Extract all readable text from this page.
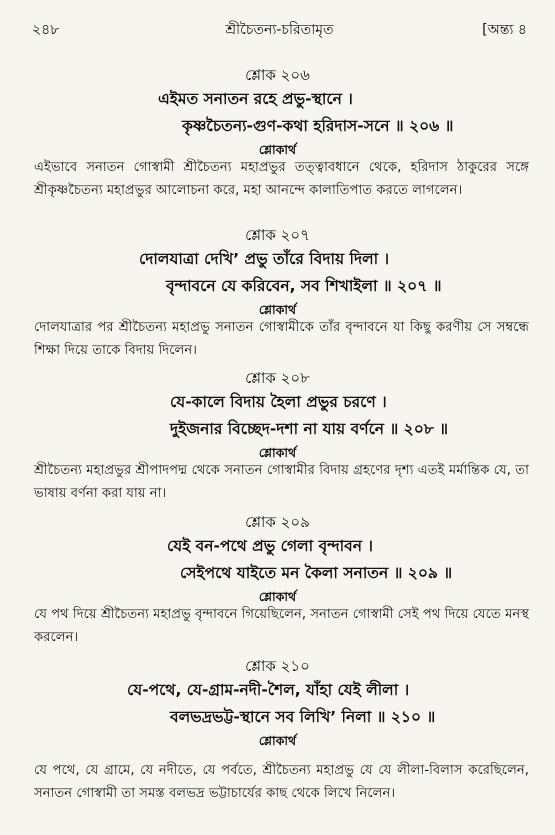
২৪৮	শ্রীচৈতন্য-চরিতামৃত	[অন্ত্য ৪
শ্লোক ২০৬
এইমত সনাতন রহে প্রভু-স্থানে ।
কৃষ্ণচৈতন্য-গুণ-কথা হরিদাস-সনে ॥ ২০৬ ॥
শ্লোকার্থ
এইভাবে সনাতন গোস্বামী শ্রীচৈতন্য মহাপ্রভুর তত্ত্বাবধানে থেকে, হরিদাস ঠাকুরের সঙ্গে শ্রীকৃষ্ণচৈতন্য মহাপ্রভুর আলোচনা করে, মহা আনন্দে কালাতিপাত করতে লাগলেন।
শ্লোক ২০৭
দোলযাত্রা দেখি’ প্রভু তাঁরে বিদায় দিলা ।
বৃন্দাবনে যে করিবেন, সব শিখাইলা ॥ ২০৭ ॥
শ্লোকার্থ
দোলযাত্রার পর শ্রীচৈতন্য মহাপ্রভু সনাতন গোস্বামীকে তাঁর বৃন্দাবনে যা কিছু করণীয় সে সম্বন্ধে শিক্ষা দিয়ে তাকে বিদায় দিলেন।
শ্লোক ২০৮
যে-কালে বিদায় হৈলা প্রভুর চরণে ।
দুইজনার বিচ্ছেদ-দশা না যায় বর্ণনে ॥ ২০৮ ॥
শ্লোকার্থ
শ্রীচৈতন্য মহাপ্রভুর শ্রীপাদপদ্ম থেকে সনাতন গোস্বামীর বিদায় গ্রহণের দৃশ্য এতই মর্মান্তিক যে, তা ভাষায় বর্ণনা করা যায় না।
শ্লোক ২০৯
যেই বন-পথে প্রভু গেলা বৃন্দাবন ।
সেইপথে যাইতে মন কৈলা সনাতন ॥ ২০৯ ॥
শ্লোকার্থ
যে পথ দিয়ে শ্রীচৈতন্য মহাপ্রভু বৃন্দাবনে গিয়েছিলেন, সনাতন গোস্বামী সেই পথ দিয়ে যেতে মনস্থ করলেন।
শ্লোক ২১০
যে-পথে, যে-গ্রাম-নদী-শৈল, যাঁহা যেই লীলা ।
বলভদ্রভট্ট-স্থানে সব লিখি’ নিলা ॥ ২১০ ॥
শ্লোকার্থ
যে পথে, যে গ্রামে, যে নদীতে, যে পর্বতে, শ্রীচৈতন্য মহাপ্রভু যে যে লীলা-বিলাস করেছিলেন, সনাতন গোস্বামী তা সমস্ত বলভদ্র ভট্টাচার্যের কাছ থেকে লিখে নিলেন।
